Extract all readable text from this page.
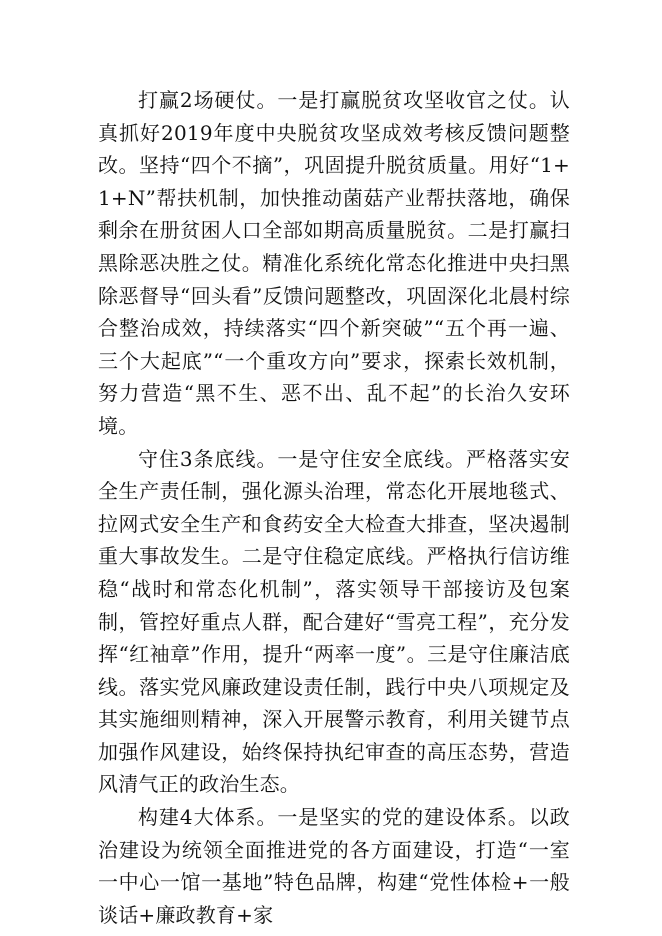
打赢2场硬仗。一是打赢脱贫攻坚收官之仗。认真抓好2019年度中央脱贫攻坚成效考核反馈问题整改。坚持“四个不摘”，巩固提升脱贫质量。用好“1+1+N”帮扶机制，加快推动菌菇产业帮扶落地，确保剩余在册贫困人口全部如期高质量脱贫。二是打赢扫黑除恶决胜之仗。精准化系统化常态化推进中央扫黑除恶督导“回头看”反馈问题整改，巩固深化北晨村综合整治成效，持续落实“四个新突破”“五个再一遍、三个大起底”“一个重攻方向”要求，探索长效机制，努力营造“黑不生、恶不出、乱不起”的长治久安环境。

守住3条底线。一是守住安全底线。严格落实安全生产责任制，强化源头治理，常态化开展地毯式、拉网式安全生产和食药安全大检查大排查，坚决遏制重大事故发生。二是守住稳定底线。严格执行信访维稳“战时和常态化机制”，落实领导干部接访及包案制，管控好重点人群，配合建好“雪亮工程”，充分发挥“红袖章”作用，提升“两率一度”。三是守住廉洁底线。落实党风廉政建设责任制，践行中央八项规定及其实施细则精神，深入开展警示教育，利用关键节点加强作风建设，始终保持执纪审查的高压态势，营造风清气正的政治生态。

构建4大体系。一是坚实的党的建设体系。以政治建设为统领全面推进党的各方面建设，打造“一室一中心一馆一基地”特色品牌，构建“党性体检+一般谈话+廉政教育+家
